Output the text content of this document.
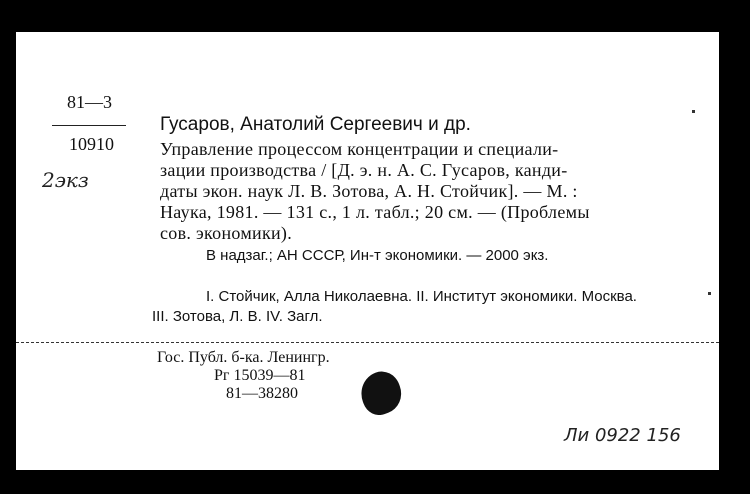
81—3
10910
2экз
Гусаров, Анатолий Сергеевич и др.
Управление процессом концентрации и специали-
зации производства / [Д. э. н. А. С. Гусаров, канди-
даты экон. наук Л. В. Зотова, А. Н. Стойчик]. — М. :
Наука, 1981. — 131 с., 1 л. табл.; 20 см. — (Проблемы
сов. экономики).
В надзаг.; АН СССР, Ин-т экономики. — 2000 экз.
I. Стойчик, Алла Николаевна. II. Институт экономики. Москва.
III. Зотова, Л. В. IV. Загл.
Гос. Публ. б-ка. Ленингр.
Рг 15039—81
81—38280
Ли 0922 156
